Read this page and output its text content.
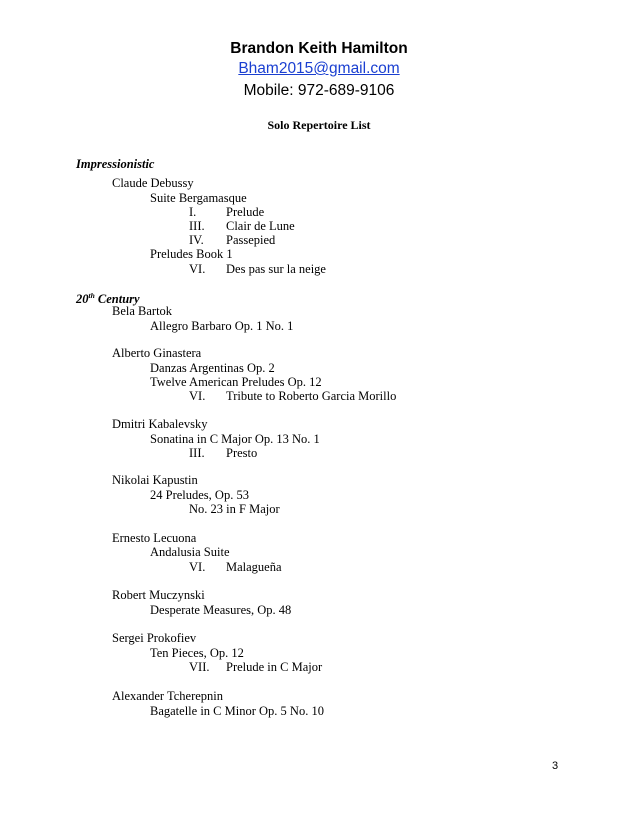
Brandon Keith Hamilton
Bham2015@gmail.com
Mobile: 972-689-9106
Solo Repertoire List
Impressionistic
Claude Debussy
Suite Bergamasque
I. Prelude
III. Clair de Lune
IV. Passepied
Preludes Book 1
VI. Des pas sur la neige
20th Century
Bela Bartok
Allegro Barbaro Op. 1 No. 1
Alberto Ginastera
Danzas Argentinas Op. 2
Twelve American Preludes Op. 12
VI. Tribute to Roberto Garcia Morillo
Dmitri Kabalevsky
Sonatina in C Major Op. 13 No. 1
III. Presto
Nikolai Kapustin
24 Preludes, Op. 53
No. 23 in F Major
Ernesto Lecuona
Andalusia Suite
VI. Malagueña
Robert Muczynski
Desperate Measures, Op. 48
Sergei Prokofiev
Ten Pieces, Op. 12
VII. Prelude in C Major
Alexander Tcherepnin
Bagatelle in C Minor Op. 5 No. 10
3
